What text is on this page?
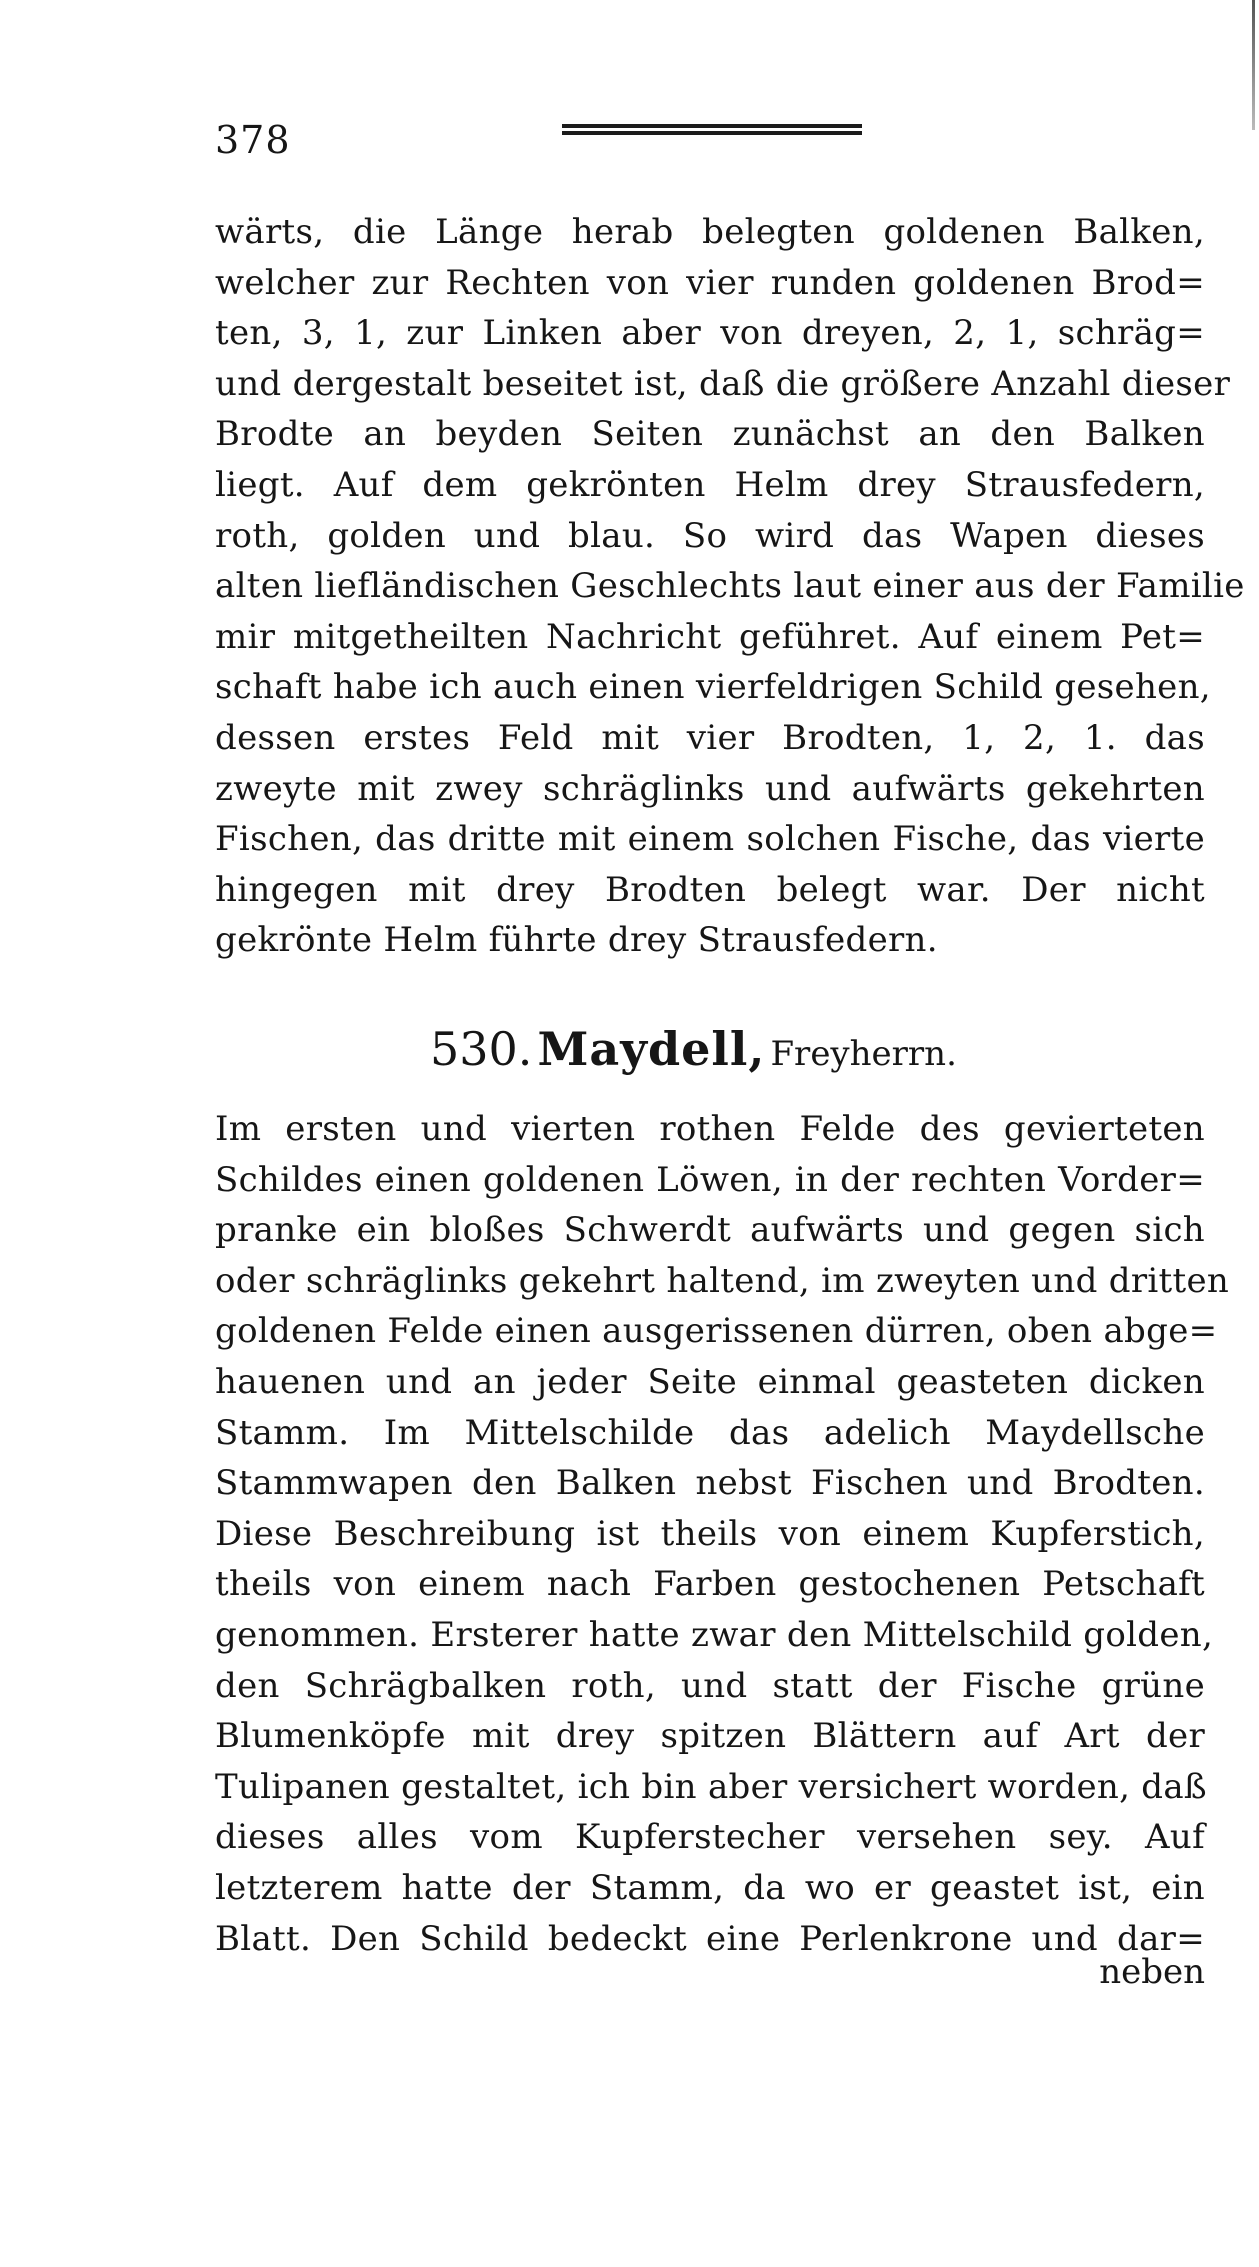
378
wärts, die Länge herab belegten goldenen Balken,
welcher zur Rechten von vier runden goldenen Brod=
ten, 3, 1, zur Linken aber von dreyen, 2, 1, schräg=
und dergestalt beseitet ist, daß die größere Anzahl dieser
Brodte an beyden Seiten zunächst an den Balken
liegt. Auf dem gekrönten Helm drey Strausfedern,
roth, golden und blau. So wird das Wapen dieses
alten liefländischen Geschlechts laut einer aus der Familie
mir mitgetheilten Nachricht geführet. Auf einem Pet=
schaft habe ich auch einen vierfeldrigen Schild gesehen,
dessen erstes Feld mit vier Brodten, 1, 2, 1. das
zweyte mit zwey schräglinks und aufwärts gekehrten
Fischen, das dritte mit einem solchen Fische, das vierte
hingegen mit drey Brodten belegt war. Der nicht
gekrönte Helm führte drey Strausfedern.
530. Maydell, Freyherrn.
Im ersten und vierten rothen Felde des gevierteten
Schildes einen goldenen Löwen, in der rechten Vorder=
pranke ein bloßes Schwerdt aufwärts und gegen sich
oder schräglinks gekehrt haltend, im zweyten und dritten
goldenen Felde einen ausgerissenen dürren, oben abge=
hauenen und an jeder Seite einmal geasteten dicken
Stamm. Im Mittelschilde das adelich Maydellsche
Stammwapen den Balken nebst Fischen und Brodten.
Diese Beschreibung ist theils von einem Kupferstich,
theils von einem nach Farben gestochenen Petschaft
genommen. Ersterer hatte zwar den Mittelschild golden,
den Schrägbalken roth, und statt der Fische grüne
Blumenköpfe mit drey spitzen Blättern auf Art der
Tulipanen gestaltet, ich bin aber versichert worden, daß
dieses alles vom Kupferstecher versehen sey. Auf
letzterem hatte der Stamm, da wo er geastet ist, ein
Blatt. Den Schild bedeckt eine Perlenkrone und dar=
neben
